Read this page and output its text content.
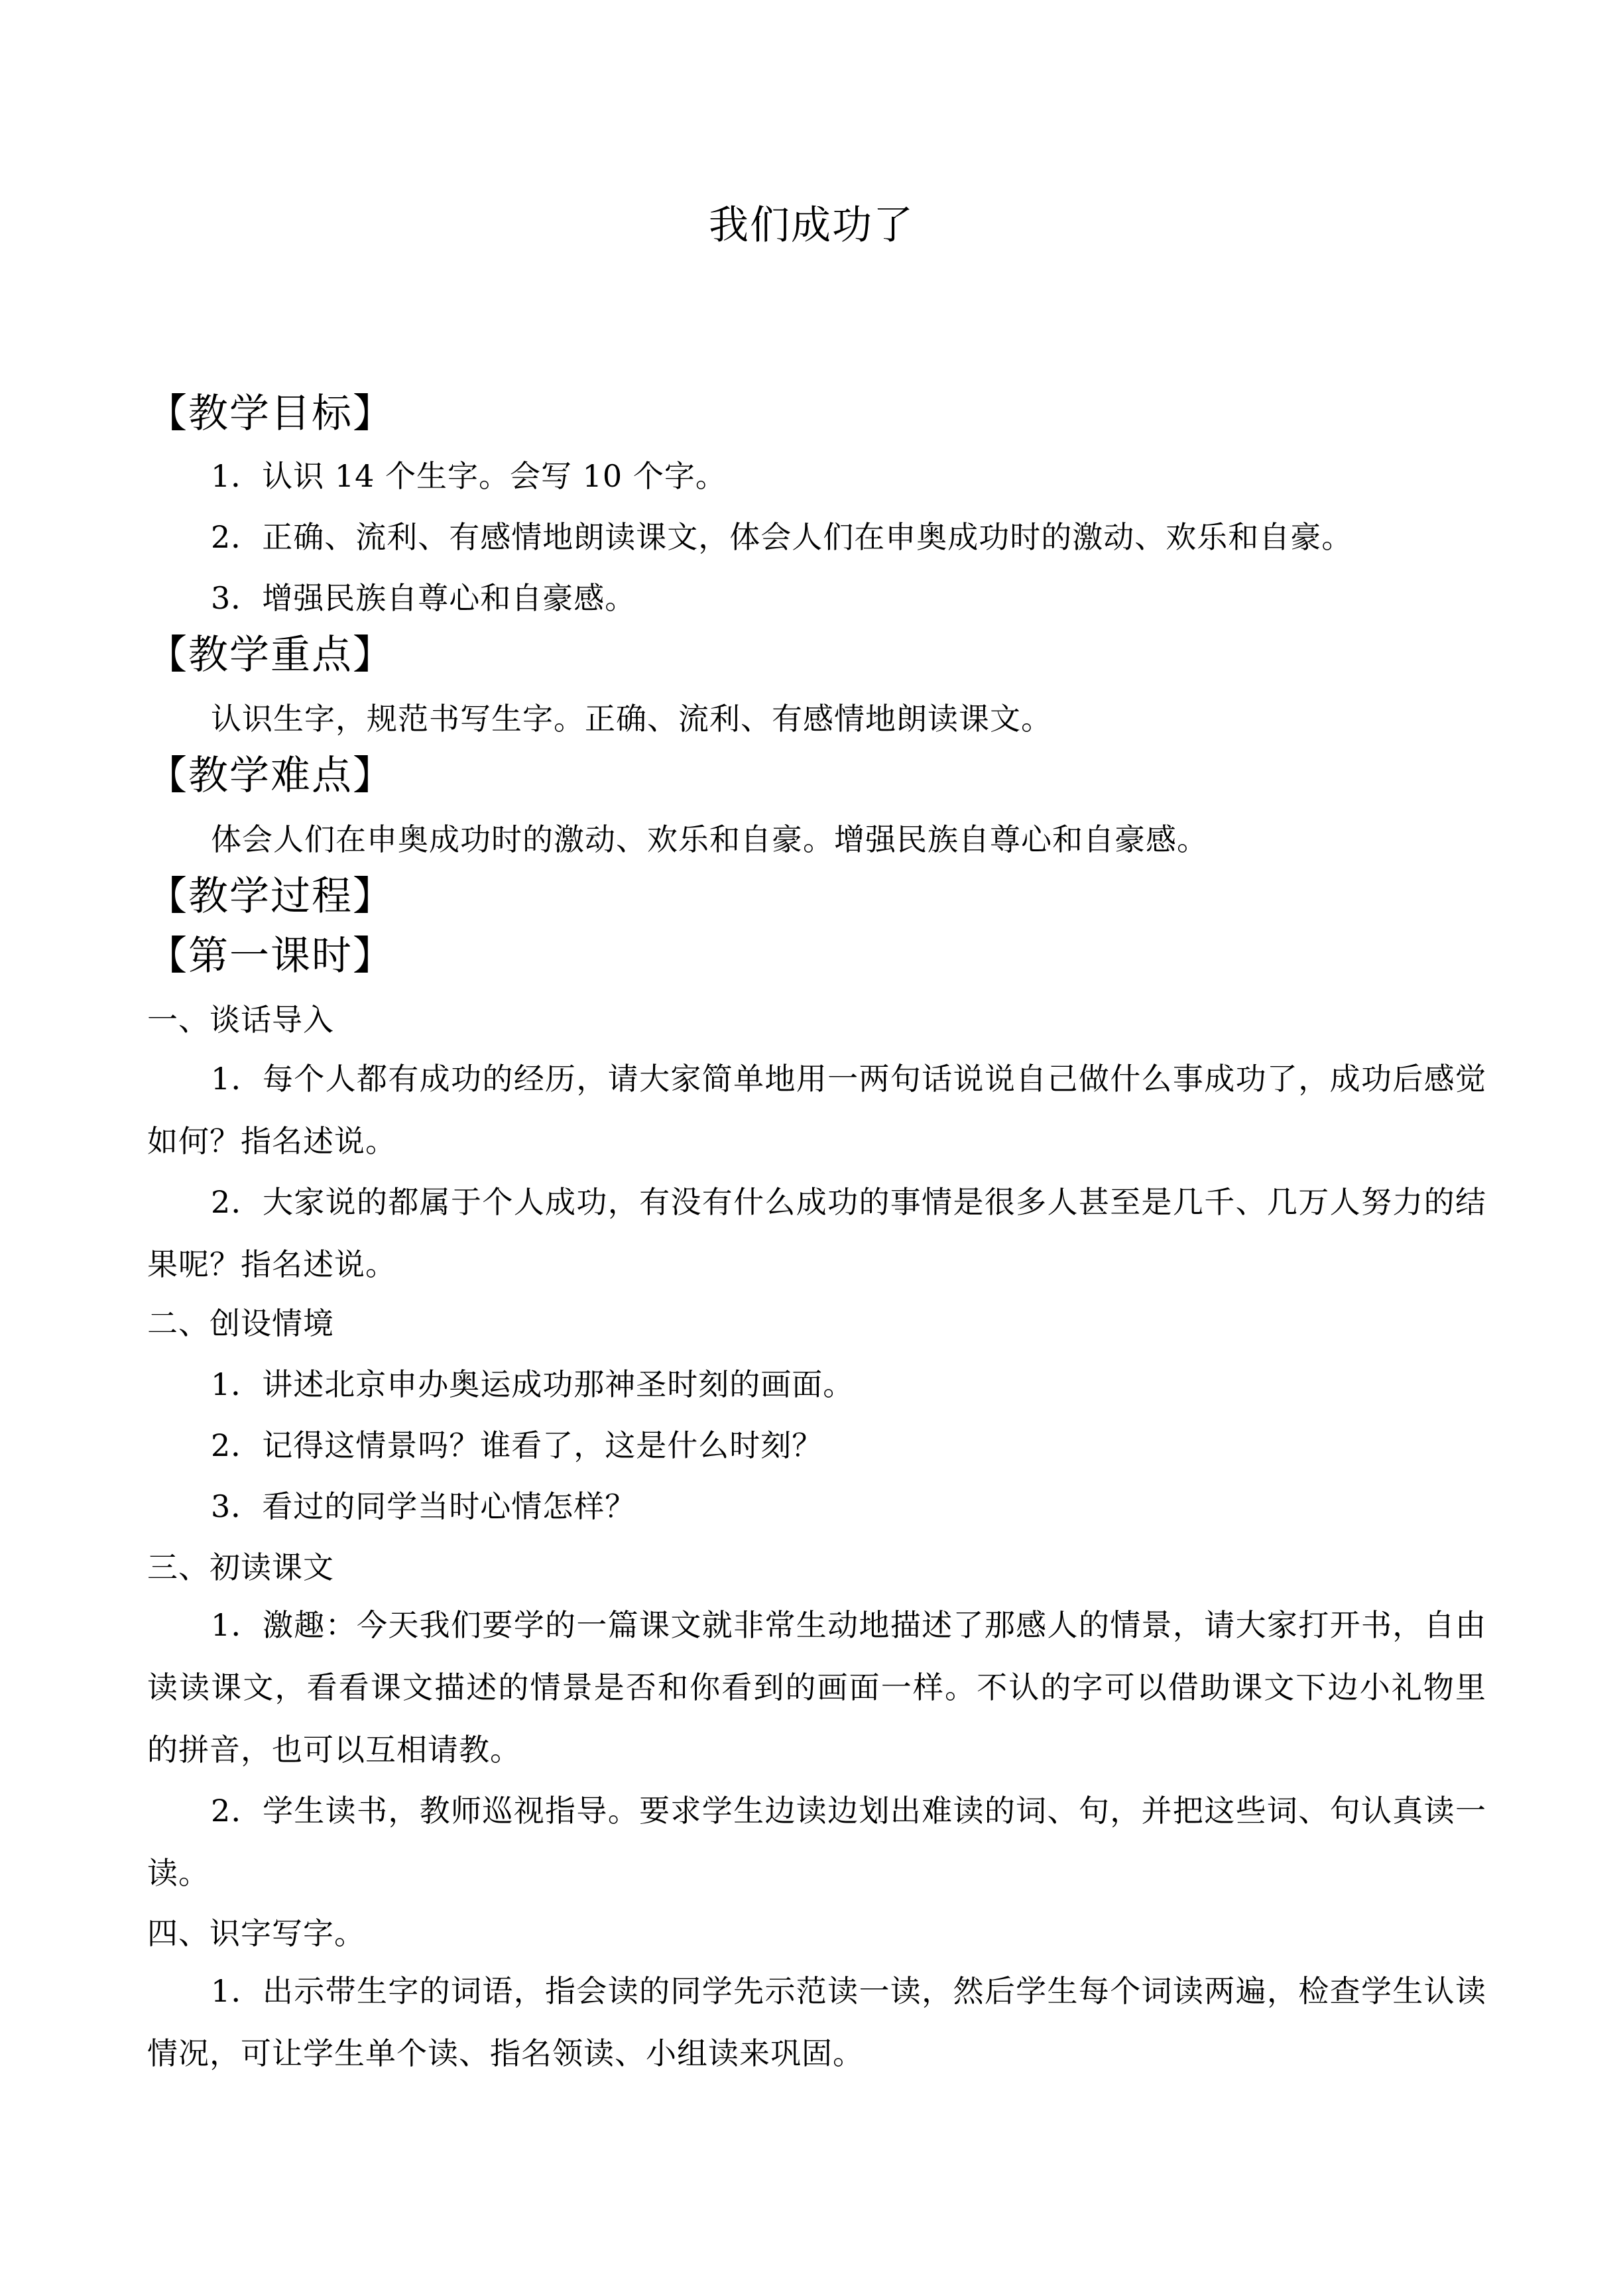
我们成功了
【教学目标】
1．认识 14 个生字。会写 10 个字。
2．正确、流利、有感情地朗读课文，体会人们在申奥成功时的激动、欢乐和自豪。
3．增强民族自尊心和自豪感。
【教学重点】
认识生字，规范书写生字。正确、流利、有感情地朗读课文。
【教学难点】
体会人们在申奥成功时的激动、欢乐和自豪。增强民族自尊心和自豪感。
【教学过程】
【第一课时】
一、谈话导入
1．每个人都有成功的经历，请大家简单地用一两句话说说自己做什么事成功了，成功后感觉如何？指名述说。
2．大家说的都属于个人成功，有没有什么成功的事情是很多人甚至是几千、几万人努力的结果呢？指名述说。
二、创设情境
1．讲述北京申办奥运成功那神圣时刻的画面。
2．记得这情景吗？谁看了，这是什么时刻？
3．看过的同学当时心情怎样？
三、初读课文
1．激趣：今天我们要学的一篇课文就非常生动地描述了那感人的情景，请大家打开书，自由读读课文，看看课文描述的情景是否和你看到的画面一样。不认的字可以借助课文下边小礼物里的拼音，也可以互相请教。
2．学生读书，教师巡视指导。要求学生边读边划出难读的词、句，并把这些词、句认真读一读。
四、识字写字。
1．出示带生字的词语，指会读的同学先示范读一读，然后学生每个词读两遍，检查学生认读情况，可让学生单个读、指名领读、小组读来巩固。
